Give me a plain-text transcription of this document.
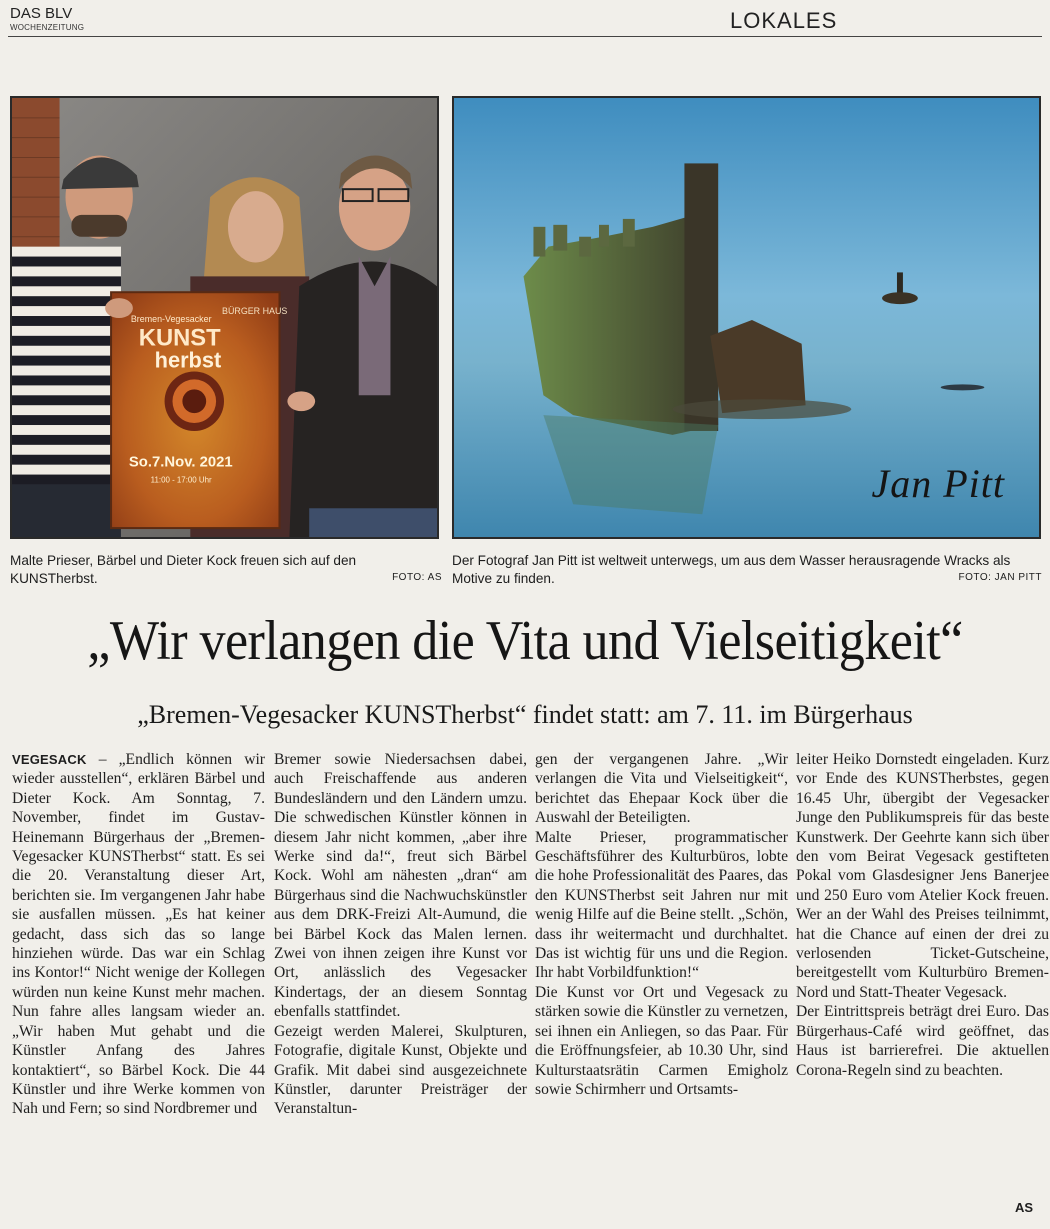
DAS BLV
WOCHENZEITUNG	LOKALES
Bremen-Vegesacker
KUNST
herbst
BÜRGER HAUS
So.7.Nov. 2021
11:00 - 17:00 Uhr	Jan Pitt
Malte Prieser, Bärbel und Dieter Kock freuen sich auf den KUNSTherbst.	FOTO: AS
Der Fotograf Jan Pitt ist weltweit unterwegs, um aus dem Wasser herausragende Wracks als Motive zu finden.	FOTO: JAN PITT
„Wir verlangen die Vita und Vielseitigkeit“
„Bremen-Vegesacker KUNSTherbst“ findet statt: am 7. 11. im Bürgerhaus

VEGESACK – „Endlich können wir wieder ausstellen“, erklären Bärbel und Dieter Kock. Am Sonntag, 7. November, findet im Gustav-Heinemann Bürgerhaus der „Bremen-Vegesacker KUNSTherbst“ statt. Es sei die 20. Veranstaltung dieser Art, berichten sie. Im vergangenen Jahr habe sie ausfallen müssen. „Es hat keiner gedacht, dass sich das so lange hinziehen würde. Das war ein Schlag ins Kontor!“ Nicht wenige der Kollegen würden nun keine Kunst mehr machen. Nun fahre alles langsam wieder an. „Wir haben Mut gehabt und die Künstler Anfang des Jahres kontaktiert“, so Bärbel Kock. Die 44 Künstler und ihre Werke kommen von Nah und Fern; so sind Nordbremer und

Bremer sowie Niedersachsen dabei, auch Freischaffende aus anderen Bundesländern und den Ländern umzu. Die schwedischen Künstler können in diesem Jahr nicht kommen, „aber ihre Werke sind da!“, freut sich Bärbel Kock. Wohl am nähesten „dran“ am Bürgerhaus sind die Nachwuchskünstler aus dem DRK-Freizi Alt-Aumund, die bei Bärbel Kock das Malen lernen. Zwei von ihnen zeigen ihre Kunst vor Ort, anlässlich des Vegesacker Kindertags, der an diesem Sonntag ebenfalls stattfindet.

Gezeigt werden Malerei, Skulpturen, Fotografie, digitale Kunst, Objekte und Grafik. Mit dabei sind ausgezeichnete Künstler, darunter Preisträger der Veranstaltun-

gen der vergangenen Jahre. „Wir verlangen die Vita und Vielseitigkeit“, berichtet das Ehepaar Kock über die Auswahl der Beteiligten.

Malte Prieser, programmatischer Geschäftsführer des Kulturbüros, lobte die hohe Professionalität des Paares, das den KUNSTherbst seit Jahren nur mit wenig Hilfe auf die Beine stellt. „Schön, dass ihr weitermacht und durchhaltet. Das ist wichtig für uns und die Region. Ihr habt Vorbildfunktion!“

Die Kunst vor Ort und Vegesack zu stärken sowie die Künstler zu vernetzen, sei ihnen ein Anliegen, so das Paar. Für die Eröffnungsfeier, ab 10.30 Uhr, sind Kulturstaatsrätin Carmen Emigholz sowie Schirmherr und Ortsamts-

leiter Heiko Dornstedt eingeladen. Kurz vor Ende des KUNSTherbstes, gegen 16.45 Uhr, übergibt der Vegesacker Junge den Publikumspreis für das beste Kunstwerk. Der Geehrte kann sich über den vom Beirat Vegesack gestifteten Pokal vom Glasdesigner Jens Banerjee und 250 Euro vom Atelier Kock freuen. Wer an der Wahl des Preises teilnimmt, hat die Chance auf einen der drei zu verlosenden Ticket-Gutscheine, bereitgestellt vom Kulturbüro Bremen-Nord und Statt-Theater Vegesack.

Der Eintrittspreis beträgt drei Euro. Das Bürgerhaus-Café wird geöffnet, das Haus ist barrierefrei. Die aktuellen Corona-Regeln sind zu beachten.

AS
